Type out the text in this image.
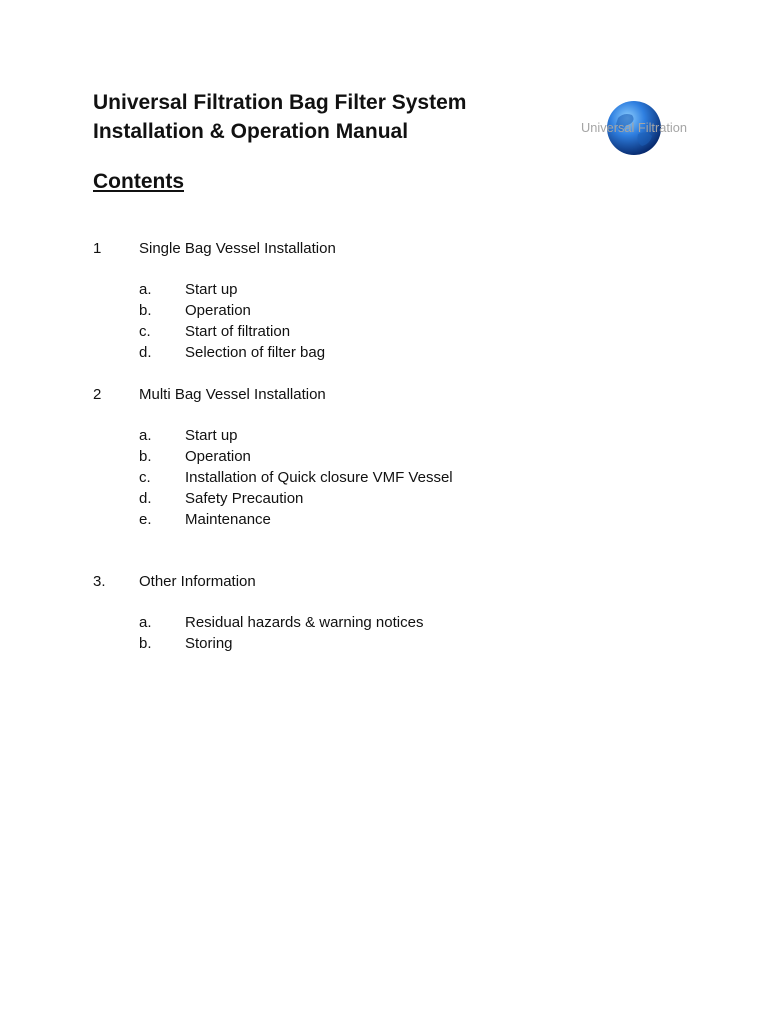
Universal Filtration Bag Filter System
Installation & Operation Manual	Universal Filtration
Contents
1	Single Bag Vessel Installation
a.	Start up
b.	Operation
c.	Start of filtration
d.	Selection of filter bag
2	Multi Bag Vessel Installation
a.	Start up
b.	Operation
c.	Installation of Quick closure VMF Vessel
d.	Safety Precaution
e.	Maintenance
3.	Other Information
a.	Residual hazards & warning notices
b.	Storing
